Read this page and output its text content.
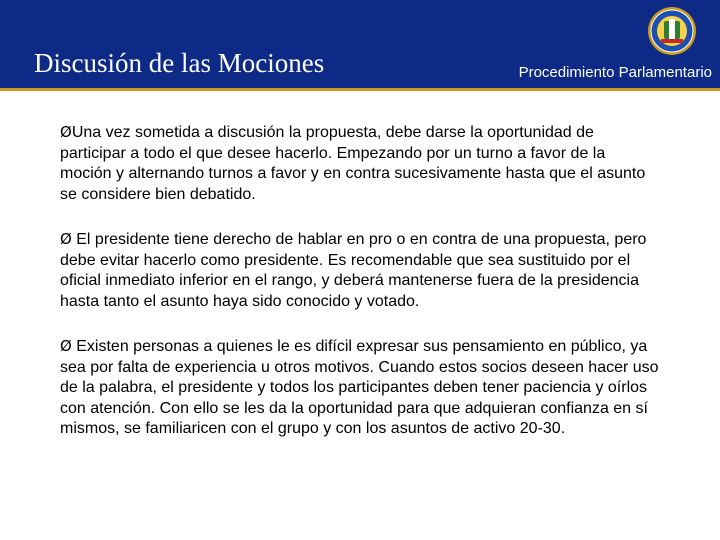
Discusión de las Mociones	Procedimiento Parlamentario

ØUna vez sometida a discusión la propuesta, debe darse la oportunidad de participar a todo el que desee hacerlo. Empezando por un turno a favor de la moción y alternando turnos a favor y en contra sucesivamente hasta que el asunto se considere bien debatido.

Ø El presidente tiene derecho de hablar en pro o en contra de una propuesta, pero debe evitar hacerlo como presidente. Es recomendable que sea sustituido por el oficial inmediato inferior en el rango, y deberá mantenerse fuera de la presidencia hasta tanto el asunto haya sido conocido y votado.

Ø Existen personas a quienes le es difícil expresar sus pensamiento en público, ya sea por falta de experiencia u otros motivos. Cuando estos socios deseen hacer uso de la palabra, el presidente y todos los participantes deben tener paciencia y oírlos con atención. Con ello se les da la oportunidad para que adquieran confianza en sí mismos, se familiaricen con el grupo y con los asuntos de activo 20-30.
